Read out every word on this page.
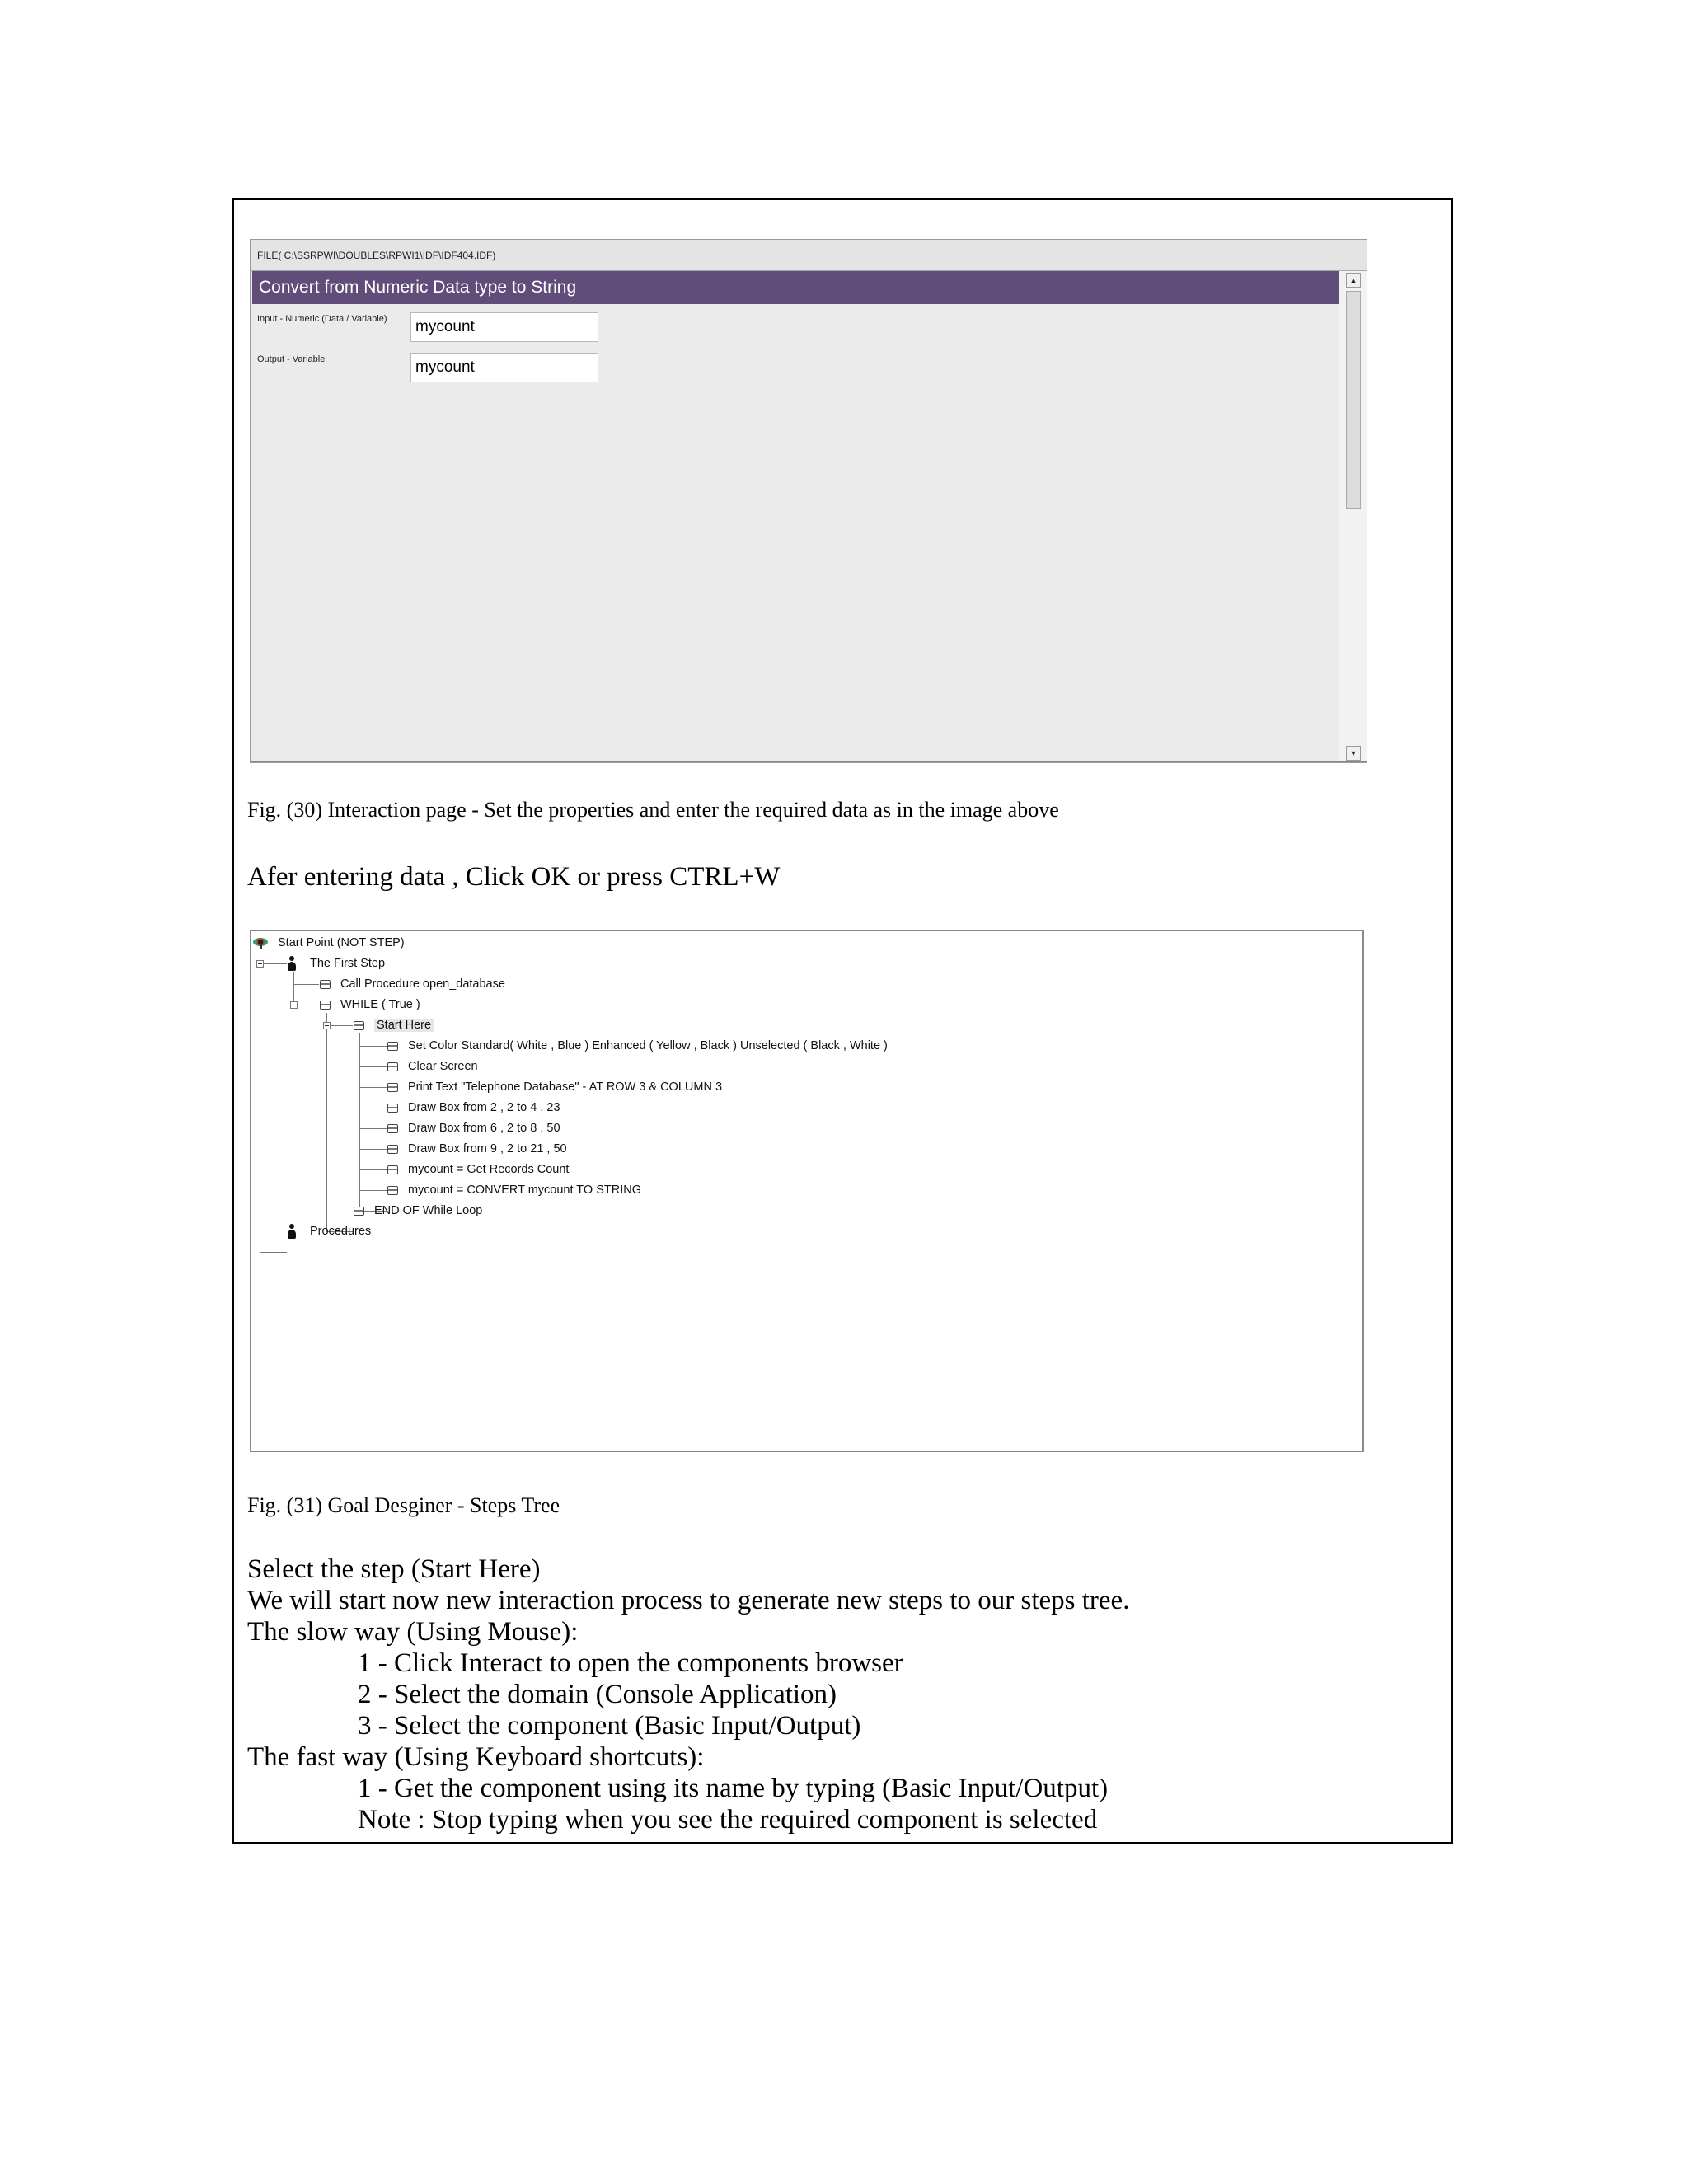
FILE( C:\SSRPWI\DOUBLES\RPWI1\IDF\IDF404.IDF)
Convert from Numeric Data type to String
Input - Numeric (Data / Variable)
mycount
Output - Variable
mycount
▲
▼
Fig. (30) Interaction page - Set the properties and enter the required data as in the image above
Afer entering data , Click OK or press CTRL+W
Start Point (NOT STEP)
The First Step
Call Procedure open_database
WHILE ( True )
Start Here
Set Color Standard( White , Blue ) Enhanced ( Yellow , Black ) Unselected ( Black , White )
Clear Screen
Print Text "Telephone Database" - AT ROW 3 & COLUMN 3
Draw Box from 2 , 2 to 4 , 23
Draw Box from 6 , 2 to 8 , 50
Draw Box from 9 , 2 to 21 , 50
mycount = Get Records Count
mycount = CONVERT mycount TO STRING
END OF While Loop
Procedures
Fig. (31) Goal Desginer - Steps Tree
Select the step (Start Here)
We will start now new interaction process to generate new steps to our steps tree.
The slow way (Using Mouse):
1 - Click Interact to open the components browser
2 - Select the domain (Console Application)
3 - Select the component (Basic Input/Output)
The fast way (Using Keyboard shortcuts):
1 - Get the component using its name by typing (Basic Input/Output)
Note : Stop typing when you see the required component is selected
